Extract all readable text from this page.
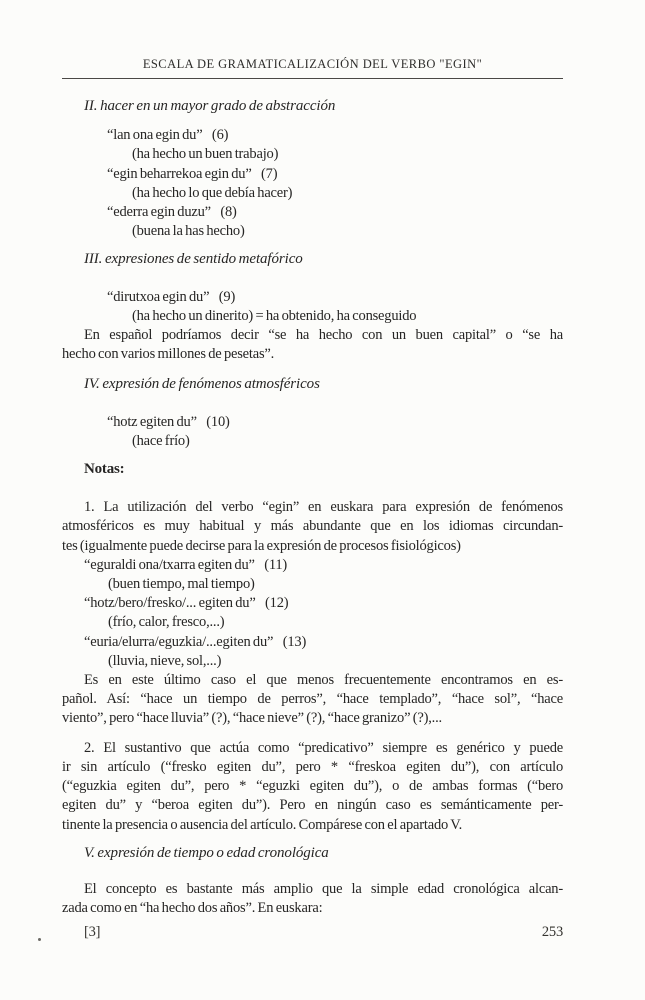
ESCALA DE GRAMATICALIZACIÓN DEL VERBO "EGIN"
II. hacer en un mayor grado de abstracción
“lan ona egin du”  (6)
(ha hecho un buen trabajo)
“egin beharrekoa egin du”  (7)
(ha hecho lo que debía hacer)
“ederra egin duzu”  (8)
(buena la has hecho)
III. expresiones de sentido metafórico
“dirutxoa egin du”  (9)
(ha hecho un dinerito) = ha obtenido, ha conseguido
En español podríamos decir “se ha hecho con un buen capital” o “se ha
hecho con varios millones de pesetas”.
IV. expresión de fenómenos atmosféricos
“hotz egiten du”  (10)
(hace frío)
Notas:
1. La utilización del verbo “egin” en euskara para expresión de fenómenos
atmosféricos es muy habitual y más abundante que en los idiomas circundan-
tes (igualmente puede decirse para la expresión de procesos fisiológicos)
“eguraldi ona/txarra egiten du”  (11)
(buen tiempo, mal tiempo)
“hotz/bero/fresko/... egiten du”  (12)
(frío, calor, fresco,...)
“euria/elurra/eguzkia/...egiten du”  (13)
(lluvia, nieve, sol,...)
Es en este último caso el que menos frecuentemente encontramos en es-
pañol. Así: “hace un tiempo de perros”, “hace templado”, “hace sol”, “hace
viento”, pero “hace lluvia” (?), “hace nieve” (?), “hace granizo” (?),...
2. El sustantivo que actúa como “predicativo” siempre es genérico y puede
ir sin artículo (“fresko egiten du”, pero * “freskoa egiten du”), con artículo
(“eguzkia egiten du”, pero * “eguzki egiten du”), o de ambas formas (“bero
egiten du” y “beroa egiten du”). Pero en ningún caso es semánticamente per-
tinente la presencia o ausencia del artículo. Compárese con el apartado V.
V. expresión de tiempo o edad cronológica
El concepto es bastante más amplio que la simple edad cronológica alcan-
zada como en “ha hecho dos años”. En euskara:
[3]	253
